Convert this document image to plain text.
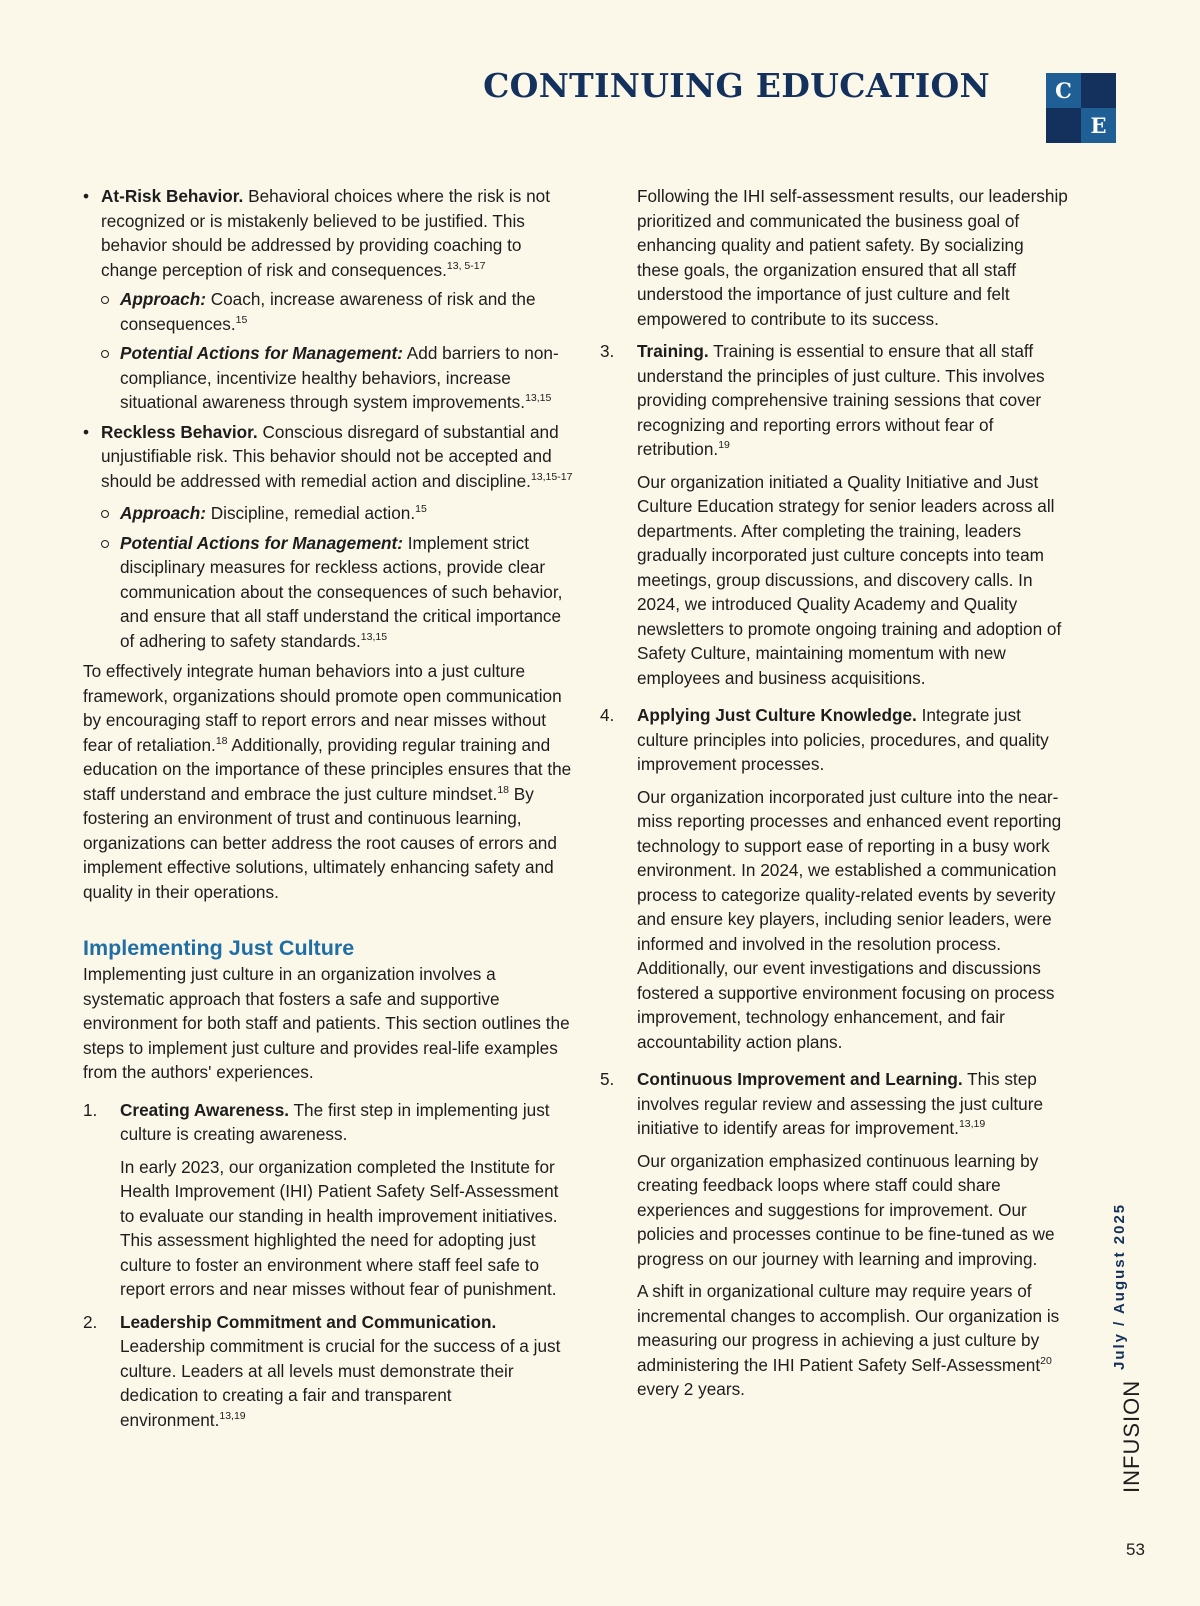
CONTINUING EDUCATION	C
E
• At-Risk Behavior. Behavioral choices where the risk is not recognized or is mistakenly believed to be justified. This behavior should be addressed by providing coaching to change perception of risk and consequences.$^{13, 5-17}$
Approach: Coach, increase awareness of risk and the consequences.$^{15}$
Potential Actions for Management: Add barriers to non-compliance, incentivize healthy behaviors, increase situational awareness through system improvements.$^{13,15}$
• Reckless Behavior. Conscious disregard of substantial and unjustifiable risk. This behavior should not be accepted and should be addressed with remedial action and discipline.$^{13,15-17}$
Approach: Discipline, remedial action.$^{15}$
Potential Actions for Management: Implement strict disciplinary measures for reckless actions, provide clear communication about the consequences of such behavior, and ensure that all staff understand the critical importance of adhering to safety standards.$^{13,15}$

To effectively integrate human behaviors into a just culture framework, organizations should promote open communication by encouraging staff to report errors and near misses without fear of retaliation.$^{18}$ Additionally, providing regular training and education on the importance of these principles ensures that the staff understand and embrace the just culture mindset.$^{18}$ By fostering an environment of trust and continuous learning, organizations can better address the root causes of errors and implement effective solutions, ultimately enhancing safety and quality in their operations.

Implementing Just Culture

Implementing just culture in an organization involves a systematic approach that fosters a safe and supportive environment for both staff and patients. This section outlines the steps to implement just culture and provides real-life examples from the authors' experiences.

1. Creating Awareness. The first step in implementing just culture is creating awareness.

In early 2023, our organization completed the Institute for Health Improvement (IHI) Patient Safety Self-Assessment to evaluate our standing in health improvement initiatives. This assessment highlighted the need for adopting just culture to foster an environment where staff feel safe to report errors and near misses without fear of punishment.

2. Leadership Commitment and Communication. Leadership commitment is crucial for the success of a just culture. Leaders at all levels must demonstrate their dedication to creating a fair and transparent environment.$^{13,19}$

Following the IHI self-assessment results, our leadership prioritized and communicated the business goal of enhancing quality and patient safety. By socializing these goals, the organization ensured that all staff understood the importance of just culture and felt empowered to contribute to its success.

3. Training. Training is essential to ensure that all staff understand the principles of just culture. This involves providing comprehensive training sessions that cover recognizing and reporting errors without fear of retribution.$^{19}$

Our organization initiated a Quality Initiative and Just Culture Education strategy for senior leaders across all departments. After completing the training, leaders gradually incorporated just culture concepts into team meetings, group discussions, and discovery calls. In 2024, we introduced Quality Academy and Quality newsletters to promote ongoing training and adoption of Safety Culture, maintaining momentum with new employees and business acquisitions.

4. Applying Just Culture Knowledge. Integrate just culture principles into policies, procedures, and quality improvement processes.

Our organization incorporated just culture into the near-miss reporting processes and enhanced event reporting technology to support ease of reporting in a busy work environment. In 2024, we established a communication process to categorize quality-related events by severity and ensure key players, including senior leaders, were informed and involved in the resolution process. Additionally, our event investigations and discussions fostered a supportive environment focusing on process improvement, technology enhancement, and fair accountability action plans.

5. Continuous Improvement and Learning. This step involves regular review and assessing the just culture initiative to identify areas for improvement.$^{13,19}$

Our organization emphasized continuous learning by creating feedback loops where staff could share experiences and suggestions for improvement. Our policies and processes continue to be fine-tuned as we progress on our journey with learning and improving.

A shift in organizational culture may require years of incremental changes to accomplish. Our organization is measuring our progress in achieving a just culture by administering the IHI Patient Safety Self-Assessment$^{20}$ every 2 years.

July / August 2025
INFUSION
53
